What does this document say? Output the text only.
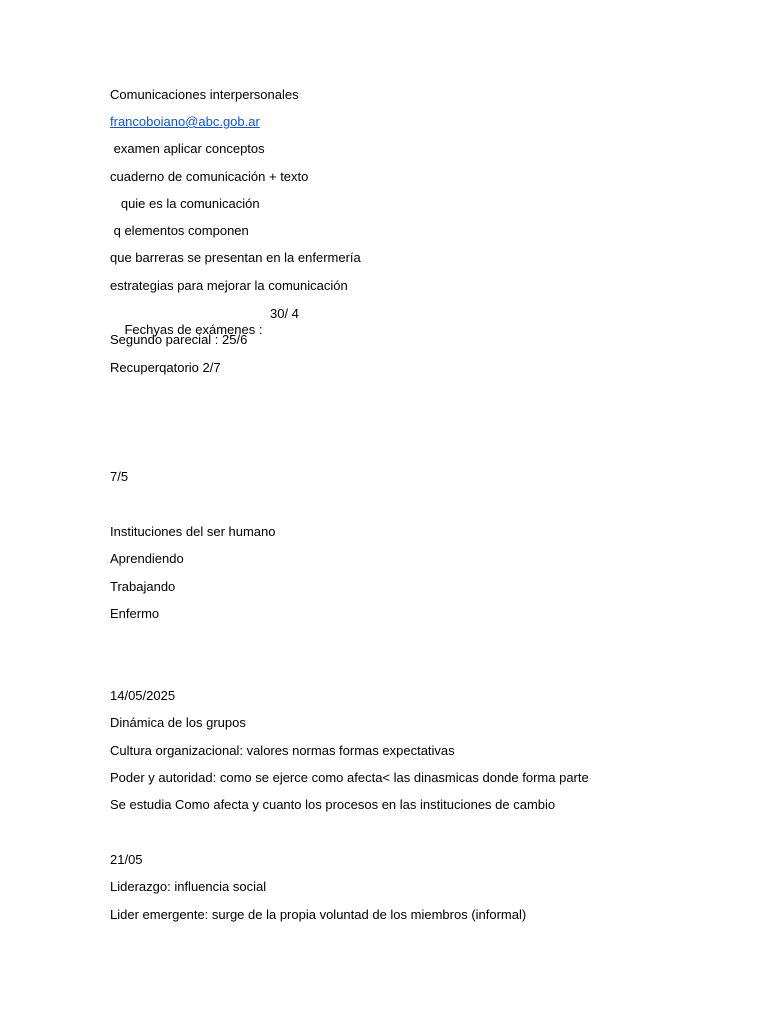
Comunicaciones interpersonales
francoboiano@abc.gob.ar
examen aplicar conceptos
cuaderno de comunicación + texto
quie es la comunicación
q elementos componen
que barreras se presentan en la enfermería
estrategias para mejorar la comunicación

Fechyas de exámenes :

30/ 4

Segundo parecial : 25/6
Recuperqatorio 2/7
7/5
Instituciones del ser humano
Aprendiendo
Trabajando
Enfermo
14/05/2025
Dinámica de los grupos
Cultura organizacional: valores normas formas expectativas
Poder y autoridad: como se ejerce como afecta< las dinasmicas donde forma parte
Se estudia Como afecta y cuanto los procesos en las instituciones de cambio
21/05
Liderazgo: influencia social
Lider emergente: surge de la propia voluntad de los miembros (informal)
